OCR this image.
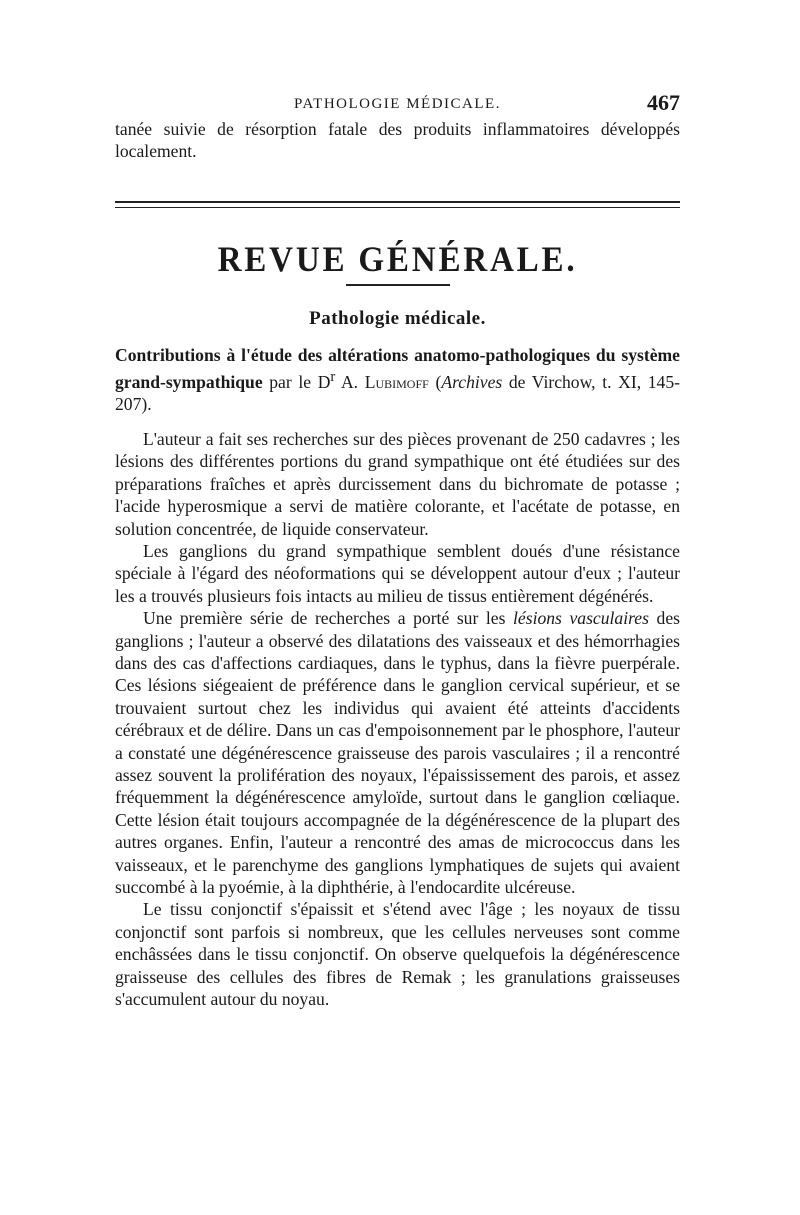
PATHOLOGIE MÉDICALE.	467

tanée suivie de résorption fatale des produits inflammatoires développés localement.

REVUE GÉNÉRALE.
Pathologie médicale.

Contributions à l'étude des altérations anatomo-pathologiques du système grand-sympathique par le $D^r$ A. Lubimoff (Archives de Virchow, t. XI, 145-207).

L'auteur a fait ses recherches sur des pièces provenant de 250 cadavres ; les lésions des différentes portions du grand sympathique ont été étudiées sur des préparations fraîches et après durcissement dans du bichromate de potasse ; l'acide hyperosmique a servi de matière colorante, et l'acétate de potasse, en solution concentrée, de liquide conservateur.

Les ganglions du grand sympathique semblent doués d'une résistance spéciale à l'égard des néoformations qui se développent autour d'eux ; l'auteur les a trouvés plusieurs fois intacts au milieu de tissus entièrement dégénérés.

Une première série de recherches a porté sur les lésions vasculaires des ganglions ; l'auteur a observé des dilatations des vaisseaux et des hémorrhagies dans des cas d'affections cardiaques, dans le typhus, dans la fièvre puerpérale. Ces lésions siégeaient de préférence dans le ganglion cervical supérieur, et se trouvaient surtout chez les individus qui avaient été atteints d'accidents cérébraux et de délire. Dans un cas d'empoisonnement par le phosphore, l'auteur a constaté une dégénérescence graisseuse des parois vasculaires ; il a rencontré assez souvent la prolifération des noyaux, l'épaississement des parois, et assez fréquemment la dégénérescence amyloïde, surtout dans le ganglion cœliaque. Cette lésion était toujours accompagnée de la dégénérescence de la plupart des autres organes. Enfin, l'auteur a rencontré des amas de micrococcus dans les vaisseaux, et le parenchyme des ganglions lymphatiques de sujets qui avaient succombé à la pyoémie, à la diphthérie, à l'endocardite ulcéreuse.

Le tissu conjonctif s'épaissit et s'étend avec l'âge ; les noyaux de tissu conjonctif sont parfois si nombreux, que les cellules nerveuses sont comme enchâssées dans le tissu conjonctif. On observe quelquefois la dégénérescence graisseuse des cellules des fibres de Remak ; les granulations graisseuses s'accumulent autour du noyau.
